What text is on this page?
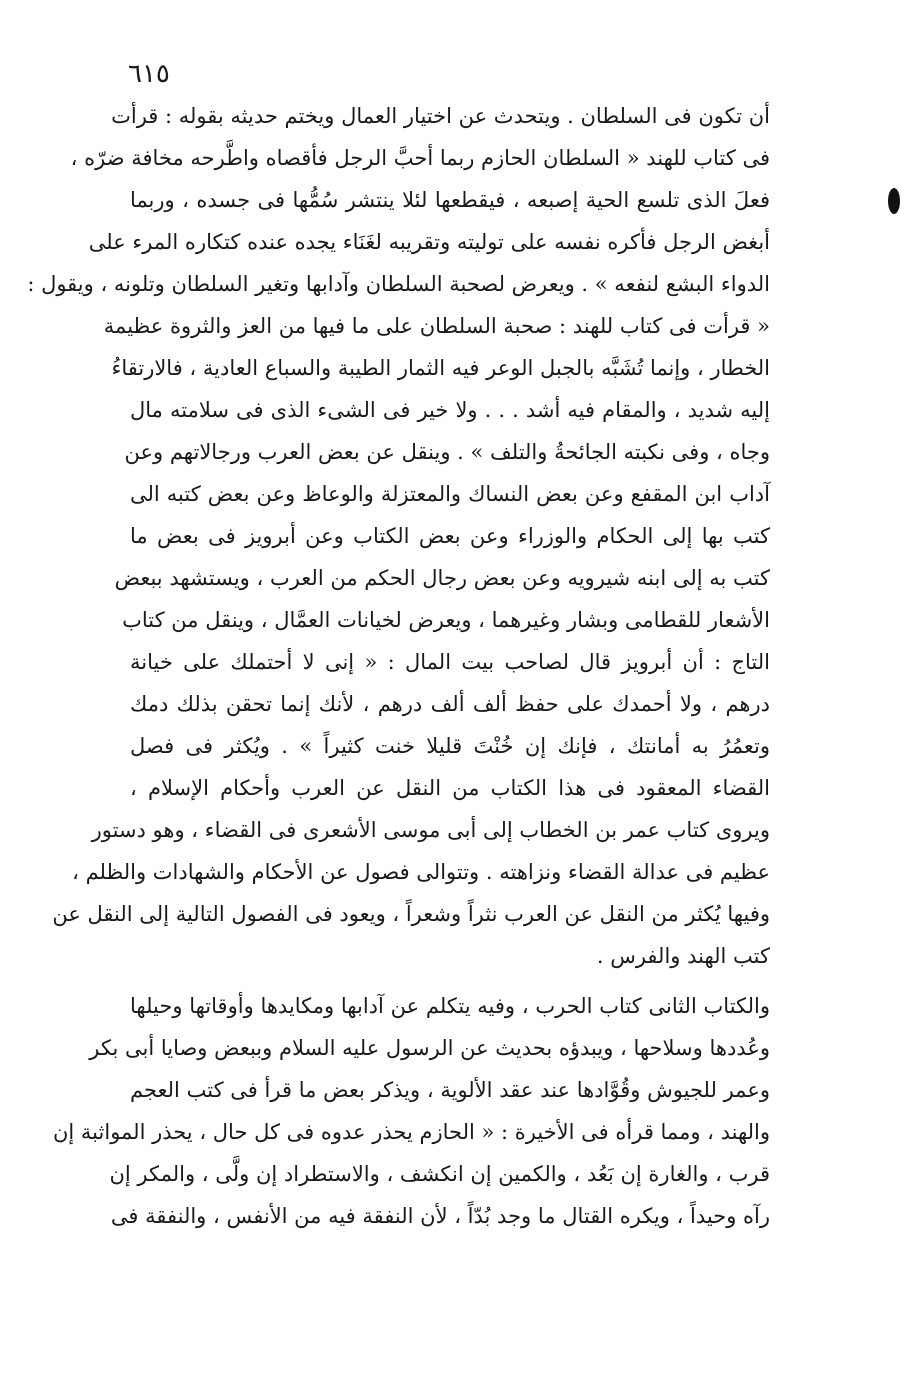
٦١٥
أن تكون فى السلطان . ويتحدث عن اختيار العمال ويختم حديثه بقوله : قرأت
فى كتاب للهند « السلطان الحازم ربما أحبَّ الرجل فأقصاه واطَّرحه مخافة ضرّه ،
فعلَ الذى تلسع الحية إصبعه ، فيقطعها لئلا ينتشر سُمُّها فى جسده ، وربما
أبغض الرجل فأكره نفسه على توليته وتقريبه لغَنَاء يجده عنده كتكاره المرء على
الدواء البشع لنفعه » . ويعرض لصحبة السلطان وآدابها وتغير السلطان وتلونه ، ويقول :
« قرأت فى كتاب للهند : صحبة السلطان على ما فيها من العز والثروة عظيمة
الخطار ، وإنما تُشَبَّه بالجبل الوعر فيه الثمار الطيبة والسباع العادية ، فالارتقاءُ
إليه شديد ، والمقام فيه أشد . . . ولا خير فى الشىء الذى فى سلامته مال
وجاه ، وفى نكبته الجائحةُ والتلف » . وينقل عن بعض العرب ورجالاتهم وعن
آداب ابن المقفع وعن بعض النساك والمعتزلة والوعاظ وعن بعض كتبه الى
كتب بها إلى الحكام والوزراء وعن بعض الكتاب وعن أبرويز فى بعض ما
كتب به إلى ابنه شيرويه وعن بعض رجال الحكم من العرب ، ويستشهد ببعض
الأشعار للقطامى وبشار وغيرهما ، ويعرض لخيانات العمَّال ، وينقل من كتاب
التاج : أن أبرويز قال لصاحب بيت المال : « إنى لا أحتملك على خيانة
درهم ، ولا أحمدك على حفظ ألف ألف درهم ، لأنك إنما تحقن بذلك دمك
وتعمُرُ به أمانتك ، فإنك إن خُنْتَ قليلا خنت كثيراً » . ويُكثر فى فصل
القضاء المعقود فى هذا الكتاب من النقل عن العرب وأحكام الإسلام ،
ويروى كتاب عمر بن الخطاب إلى أبى موسى الأشعرى فى القضاء ، وهو دستور
عظيم فى عدالة القضاء ونزاهته . وتتوالى فصول عن الأحكام والشهادات والظلم ،
وفيها يُكثر من النقل عن العرب نثراً وشعراً ، ويعود فى الفصول التالية إلى النقل عن
كتب الهند والفرس .
والكتاب الثانى كتاب الحرب ، وفيه يتكلم عن آدابها ومكايدها وأوقاتها وحيلها
وعُددها وسلاحها ، ويبدؤه بحديث عن الرسول عليه السلام وببعض وصايا أبى بكر
وعمر للجيوش وقُوَّادها عند عقد الألوية ، ويذكر بعض ما قرأ فى كتب العجم
والهند ، ومما قرأه فى الأخيرة : « الحازم يحذر عدوه فى كل حال ، يحذر المواثبة إن
قرب ، والغارة إن بَعُد ، والكمين إن انكشف ، والاستطراد إن ولَّى ، والمكر إن
رآه وحيداً ، ويكره القتال ما وجد بُدّاً ، لأن النفقة فيه من الأنفس ، والنفقة فى
